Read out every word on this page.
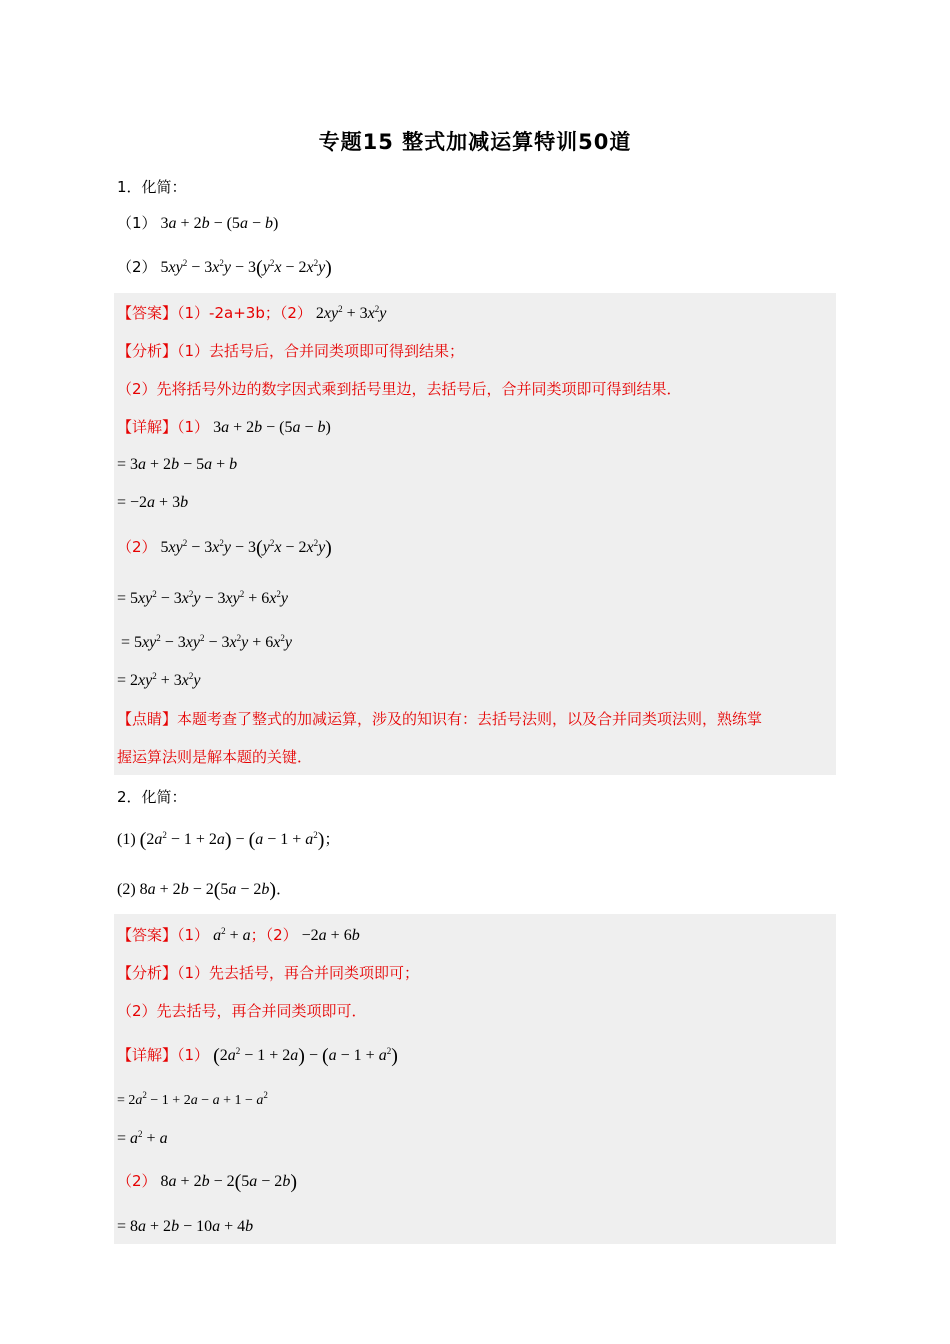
专题15 整式加减运算特训50道
1．化简：
（1） 3a + 2b − (5a − b)
（2） $5xy^2 - 3x^2y - 3(y^2x - 2x^2y)$
【答案】（1）-2a+3b；（2） $2xy^2 + 3x^2y$
【分析】（1）去括号后，合并同类项即可得到结果；
（2）先将括号外边的数字因式乘到括号里边，去括号后，合并同类项即可得到结果．
【详解】（1） 3a + 2b − (5a − b)
= 3a + 2b − 5a + b
= −2a + 3b
（2） $5xy^2 - 3x^2y - 3(y^2x - 2x^2y)$
= $5xy^2 - 3x^2y - 3xy^2 + 6x^2y$
= $5xy^2 - 3xy^2 - 3x^2y + 6x^2y$
= $2xy^2 + 3x^2y$
【点睛】本题考查了整式的加减运算，涉及的知识有：去括号法则，以及合并同类项法则，熟练掌
握运算法则是解本题的关键．
2．化简：
(1) $(2a^2 - 1 + 2a) - (a - 1 + a^2)$；
(2) 8a + 2b − 2(5a − 2b)．
【答案】（1） $a^2 + a$；（2） −2a + 6b
【分析】（1）先去括号，再合并同类项即可；
（2）先去括号，再合并同类项即可．
【详解】（1） $(2a^2 - 1 + 2a) - (a - 1 + a^2)$
= $2a^2 - 1 + 2a - a + 1 - a^2$
= $a^2 + a$
（2） 8a + 2b − 2(5a − 2b)
= 8a + 2b − 10a + 4b
